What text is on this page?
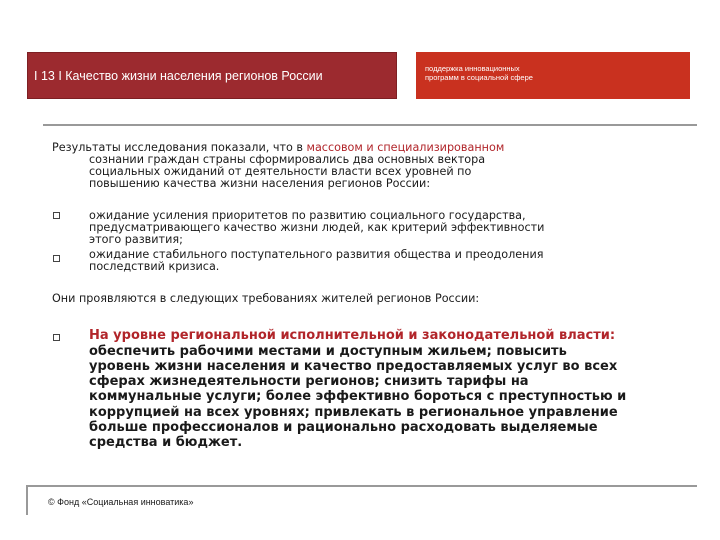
I 13 I Качество жизни населения регионов России	поддержка инновационных
программ в социальной сфере

Результаты исследования показали, что в массовом и специализированном

сознании граждан страны сформировались два основных вектора

социальных ожиданий от деятельности власти всех уровней по

повышению качества жизни населения регионов России:

ожидание усиления приоритетов по развитию социального государства,

предусматривающего качество жизни людей, как критерий эффективности

этого развития;

ожидание стабильного поступательного развития общества и преодоления

последствий кризиса.

Они проявляются в следующих требованиях жителей регионов России:

На уровне региональной исполнительной и законодательной власти:

обеспечить рабочими местами и доступным жильем; повысить

уровень жизни населения и качество предоставляемых услуг во всех

сферах жизнедеятельности регионов; снизить тарифы на

коммунальные услуги; более эффективно бороться с преступностью и

коррупцией на всех уровнях; привлекать в региональное управление

больше профессионалов и рационально расходовать выделяемые

средства и бюджет.

© Фонд «Социальная инноватика»
